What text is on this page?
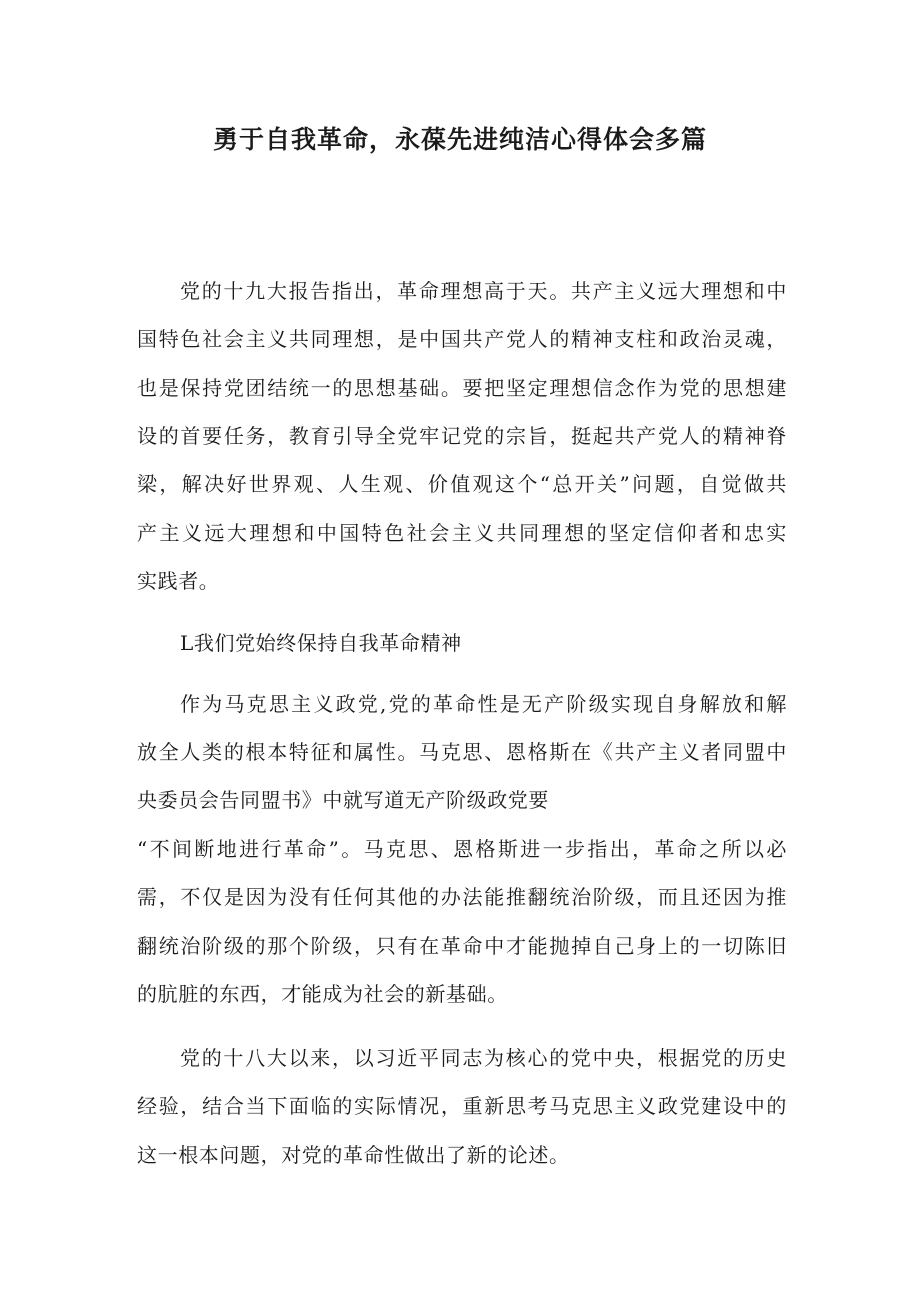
勇于自我革命，永葆先进纯洁心得体会多篇

党的十九大报告指出，革命理想高于天。共产主义远大理想和中

国特色社会主义共同理想，是中国共产党人的精神支柱和政治灵魂，

也是保持党团结统一的思想基础。要把坚定理想信念作为党的思想建

设的首要任务，教育引导全党牢记党的宗旨，挺起共产党人的精神脊

梁，解决好世界观、人生观、价值观这个“总开关”问题，自觉做共

产主义远大理想和中国特色社会主义共同理想的坚定信仰者和忠实

实践者。

L我们党始终保持自我革命精神

作为马克思主义政党,党的革命性是无产阶级实现自身解放和解

放全人类的根本特征和属性。马克思、恩格斯在《共产主义者同盟中

央委员会告同盟书》中就写道无产阶级政党要

“不间断地进行革命”。马克思、恩格斯进一步指出，革命之所以必

需，不仅是因为没有任何其他的办法能推翻统治阶级，而且还因为推

翻统治阶级的那个阶级，只有在革命中才能抛掉自己身上的一切陈旧

的肮脏的东西，才能成为社会的新基础。

党的十八大以来，以习近平同志为核心的党中央，根据党的历史

经验，结合当下面临的实际情况，重新思考马克思主义政党建设中的

这一根本问题，对党的革命性做出了新的论述。
